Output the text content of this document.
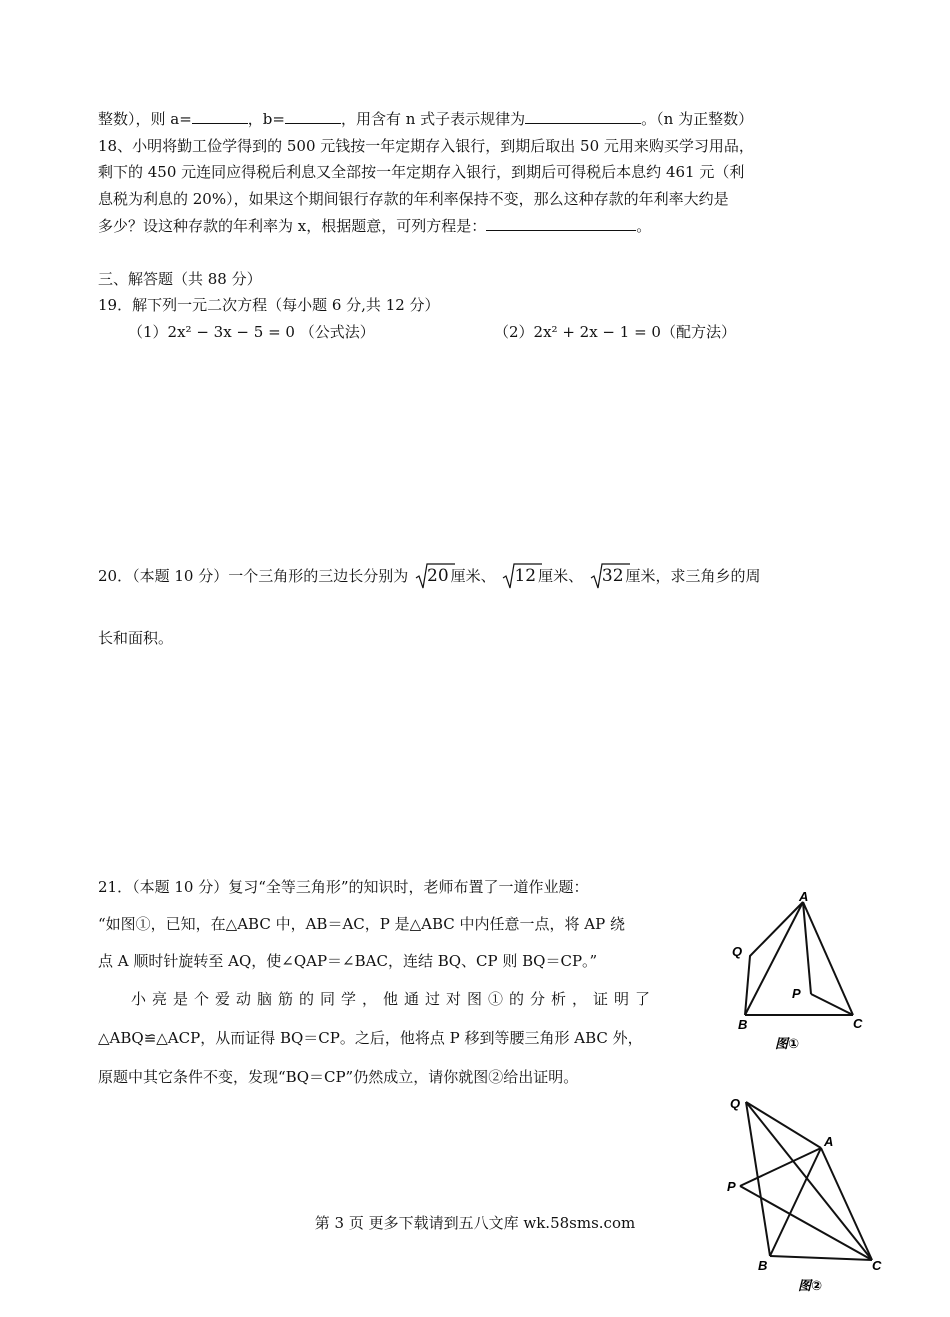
整数），则 a=	，b=	，用含有 n 式子表示规律为	。（n 为正整数）
18、小明将勤工俭学得到的 500 元钱按一年定期存入银行，到期后取出 50 元用来购买学习用品，
剩下的 450 元连同应得税后利息又全部按一年定期存入银行，到期后可得税后本息约 461 元（利
息税为利息的 20%），如果这个期间银行存款的年利率保持不变，那么这种存款的年利率大约是
多少？设这种存款的年利率为 x，根据题意，可列方程是：	。
三、解答题（共 88 分）
19．解下列一元二次方程（每小题 6 分,共 12 分）
（1）2x² − 3x − 5 = 0 （公式法）	（2）2x² + 2x − 1 = 0（配方法）
20．（本题 10 分）一个三角形的三边长分别为 20 厘米、 12 厘米、 32 厘米，求三角乡的周
长和面积。
21．（本题 10 分）复习“全等三角形”的知识时，老师布置了一道作业题：
“如图①，已知，在△ABC 中，AB＝AC，P 是△ABC 中内任意一点，将 AP 绕
点 A 顺时针旋转至 AQ，使∠QAP＝∠BAC，连结 BQ、CP 则 BQ＝CP。”
小亮是个爱动脑筋的同学，他通过对图①的分析，证明了
△ABQ≌△ACP，从而证得 BQ＝CP。之后，他将点 P 移到等腰三角形 ABC 外，
原题中其它条件不变，发现“BQ＝CP”仍然成立，请你就图②给出证明。
A
Q
P
B	C
图①
Q
A
P
B	C
图②
第 3 页 更多下载请到五八文库 wk.58sms.com
